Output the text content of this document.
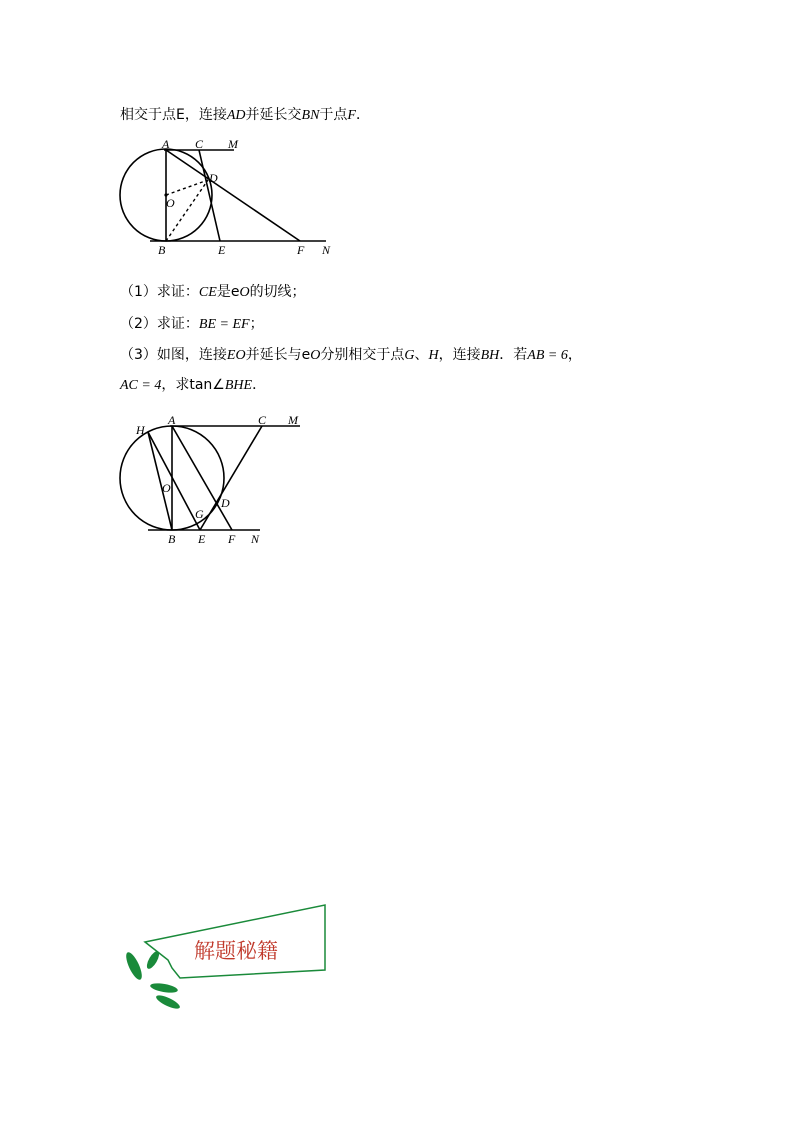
相交于点E，连接AD并延长交BN于点F．
A C M
D
O
B	E	F N
（1）求证：CE是eO的切线；
（2）求证：BE = EF；
（3）如图，连接EO并延长与eO分别相交于点G、H，连接BH．若AB = 6，
AC = 4，求tan∠BHE．
H
A	C M
O
D
G
B E F N
解题秘籍
